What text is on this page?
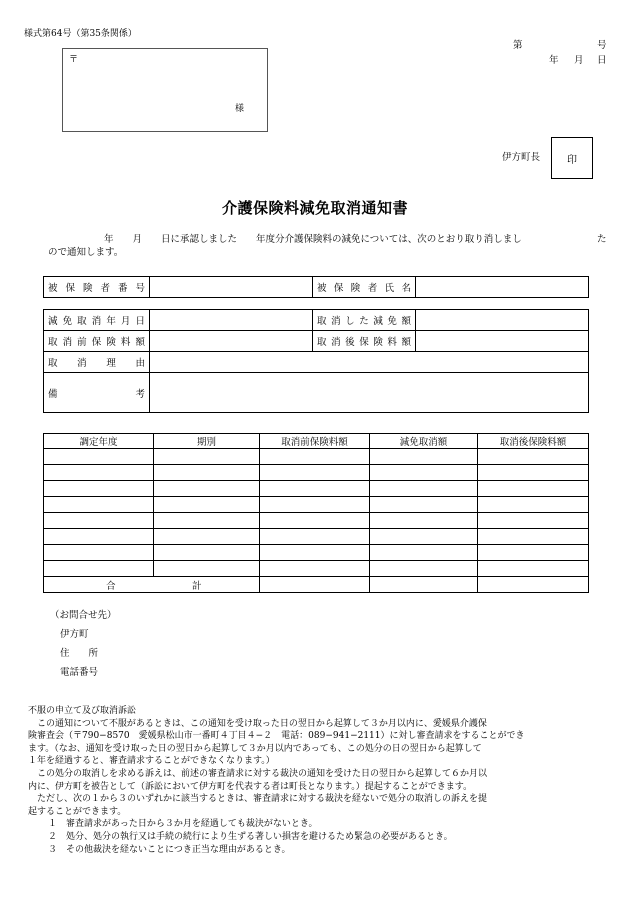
様式第64号（第35条関係）
〒
様
第	号
年 月 日
伊方町長	印
介護保険料減免取消通知書
年　　月　　日に承認しました　　年度分介護保険料の減免については、次のとおり取り消しまし	た
ので通知します。
被保険者番号		被保険者氏名	
減免取消年月日		取消した減免額	
取消前保険料額		取消後保険料額	
取消理由			
備考			
調定年度	期別	取消前保険料額	減免取消額	取消後保険料額

合 計				

（お問合せ先）
伊方町
住　　所
電話番号

不服の申立て及び取消訴訟

この通知について不服があるときは、この通知を受け取った日の翌日から起算して３か月以内に、愛媛県介護保

険審査会（〒790−8570　愛媛県松山市一番町４丁目４−２　電話：089−941−2111）に対し審査請求をすることができ

ます。（なお、通知を受け取った日の翌日から起算して３か月以内であっても、この処分の日の翌日から起算して

１年を経過すると、審査請求することができなくなります。）

この処分の取消しを求める訴えは、前述の審査請求に対する裁決の通知を受けた日の翌日から起算して６か月以

内に、伊方町を被告として（訴訟において伊方町を代表する者は町長となります。）提起することができます。

ただし、次の１から３のいずれかに該当するときは、審査請求に対する裁決を経ないで処分の取消しの訴えを提

起することができます。

１　審査請求があった日から３か月を経過しても裁決がないとき。

２　処分、処分の執行又は手続の続行により生ずる著しい損害を避けるため緊急の必要があるとき。

３　その他裁決を経ないことにつき正当な理由があるとき。
